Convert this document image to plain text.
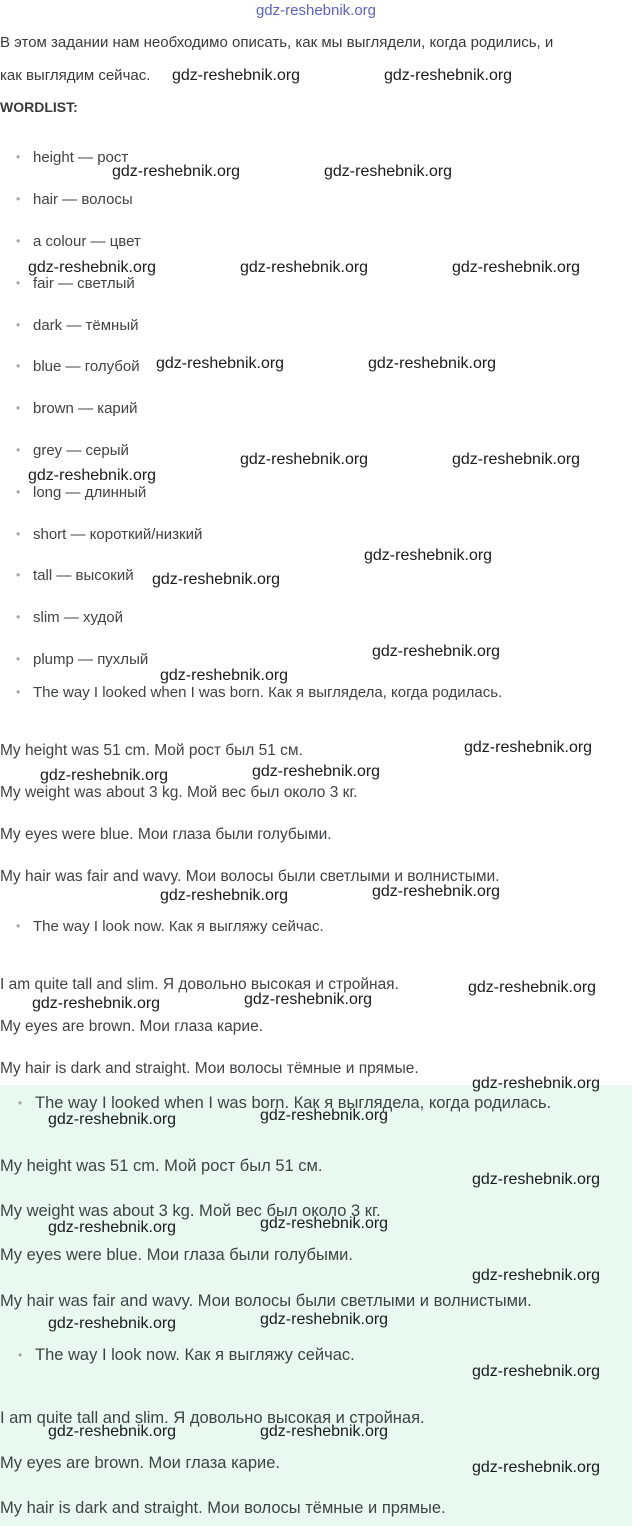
gdz-reshebnik.org
В этом задании нам необходимо описать, как мы выглядели, когда родились, и
как выглядим сейчас.
WORDLIST:
• height — рост
• hair — волосы
• a colour — цвет
• fair — светлый
• dark — тёмный
• blue — голубой
• brown — карий
• grey — серый
• long — длинный
• short — короткий/низкий
• tall — высокий
• slim — худой
• plump — пухлый
• The way I looked when I was born. Как я выглядела, когда родилась.
My height was 51 cm. Мой рост был 51 см.
My weight was about 3 kg. Мой вес был около 3 кг.
My eyes were blue. Мои глаза были голубыми.
My hair was fair and wavy. Мои волосы были светлыми и волнистыми.
• The way I look now. Как я выгляжу сейчас.
I am quite tall and slim. Я довольно высокая и стройная.
My eyes are brown. Мои глаза карие.
My hair is dark and straight. Мои волосы тёмные и прямые.
• The way I looked when I was born. Как я выглядела, когда родилась.
My height was 51 cm. Мой рост был 51 см.
My weight was about 3 kg. Мой вес был около 3 кг.
My eyes were blue. Мои глаза были голубыми.
My hair was fair and wavy. Мои волосы были светлыми и волнистыми.
• The way I look now. Как я выгляжу сейчас.
I am quite tall and slim. Я довольно высокая и стройная.
My eyes are brown. Мои глаза карие.
My hair is dark and straight. Мои волосы тёмные и прямые.
gdz-reshebnik.org	gdz-reshebnik.org
gdz-reshebnik.org	gdz-reshebnik.org
gdz-reshebnik.org	gdz-reshebnik.org	gdz-reshebnik.org
gdz-reshebnik.org	gdz-reshebnik.org
gdz-reshebnik.org
gdz-reshebnik.org	gdz-reshebnik.org
gdz-reshebnik.org
gdz-reshebnik.org
gdz-reshebnik.org
gdz-reshebnik.org
gdz-reshebnik.org
gdz-reshebnik.org	gdz-reshebnik.org
gdz-reshebnik.org
gdz-reshebnik.org
gdz-reshebnik.org
gdz-reshebnik.org	gdz-reshebnik.org
gdz-reshebnik.org
gdz-reshebnik.org	gdz-reshebnik.org
gdz-reshebnik.org
gdz-reshebnik.org	gdz-reshebnik.org
gdz-reshebnik.org
gdz-reshebnik.org	gdz-reshebnik.org
gdz-reshebnik.org
gdz-reshebnik.org	gdz-reshebnik.org
gdz-reshebnik.org
